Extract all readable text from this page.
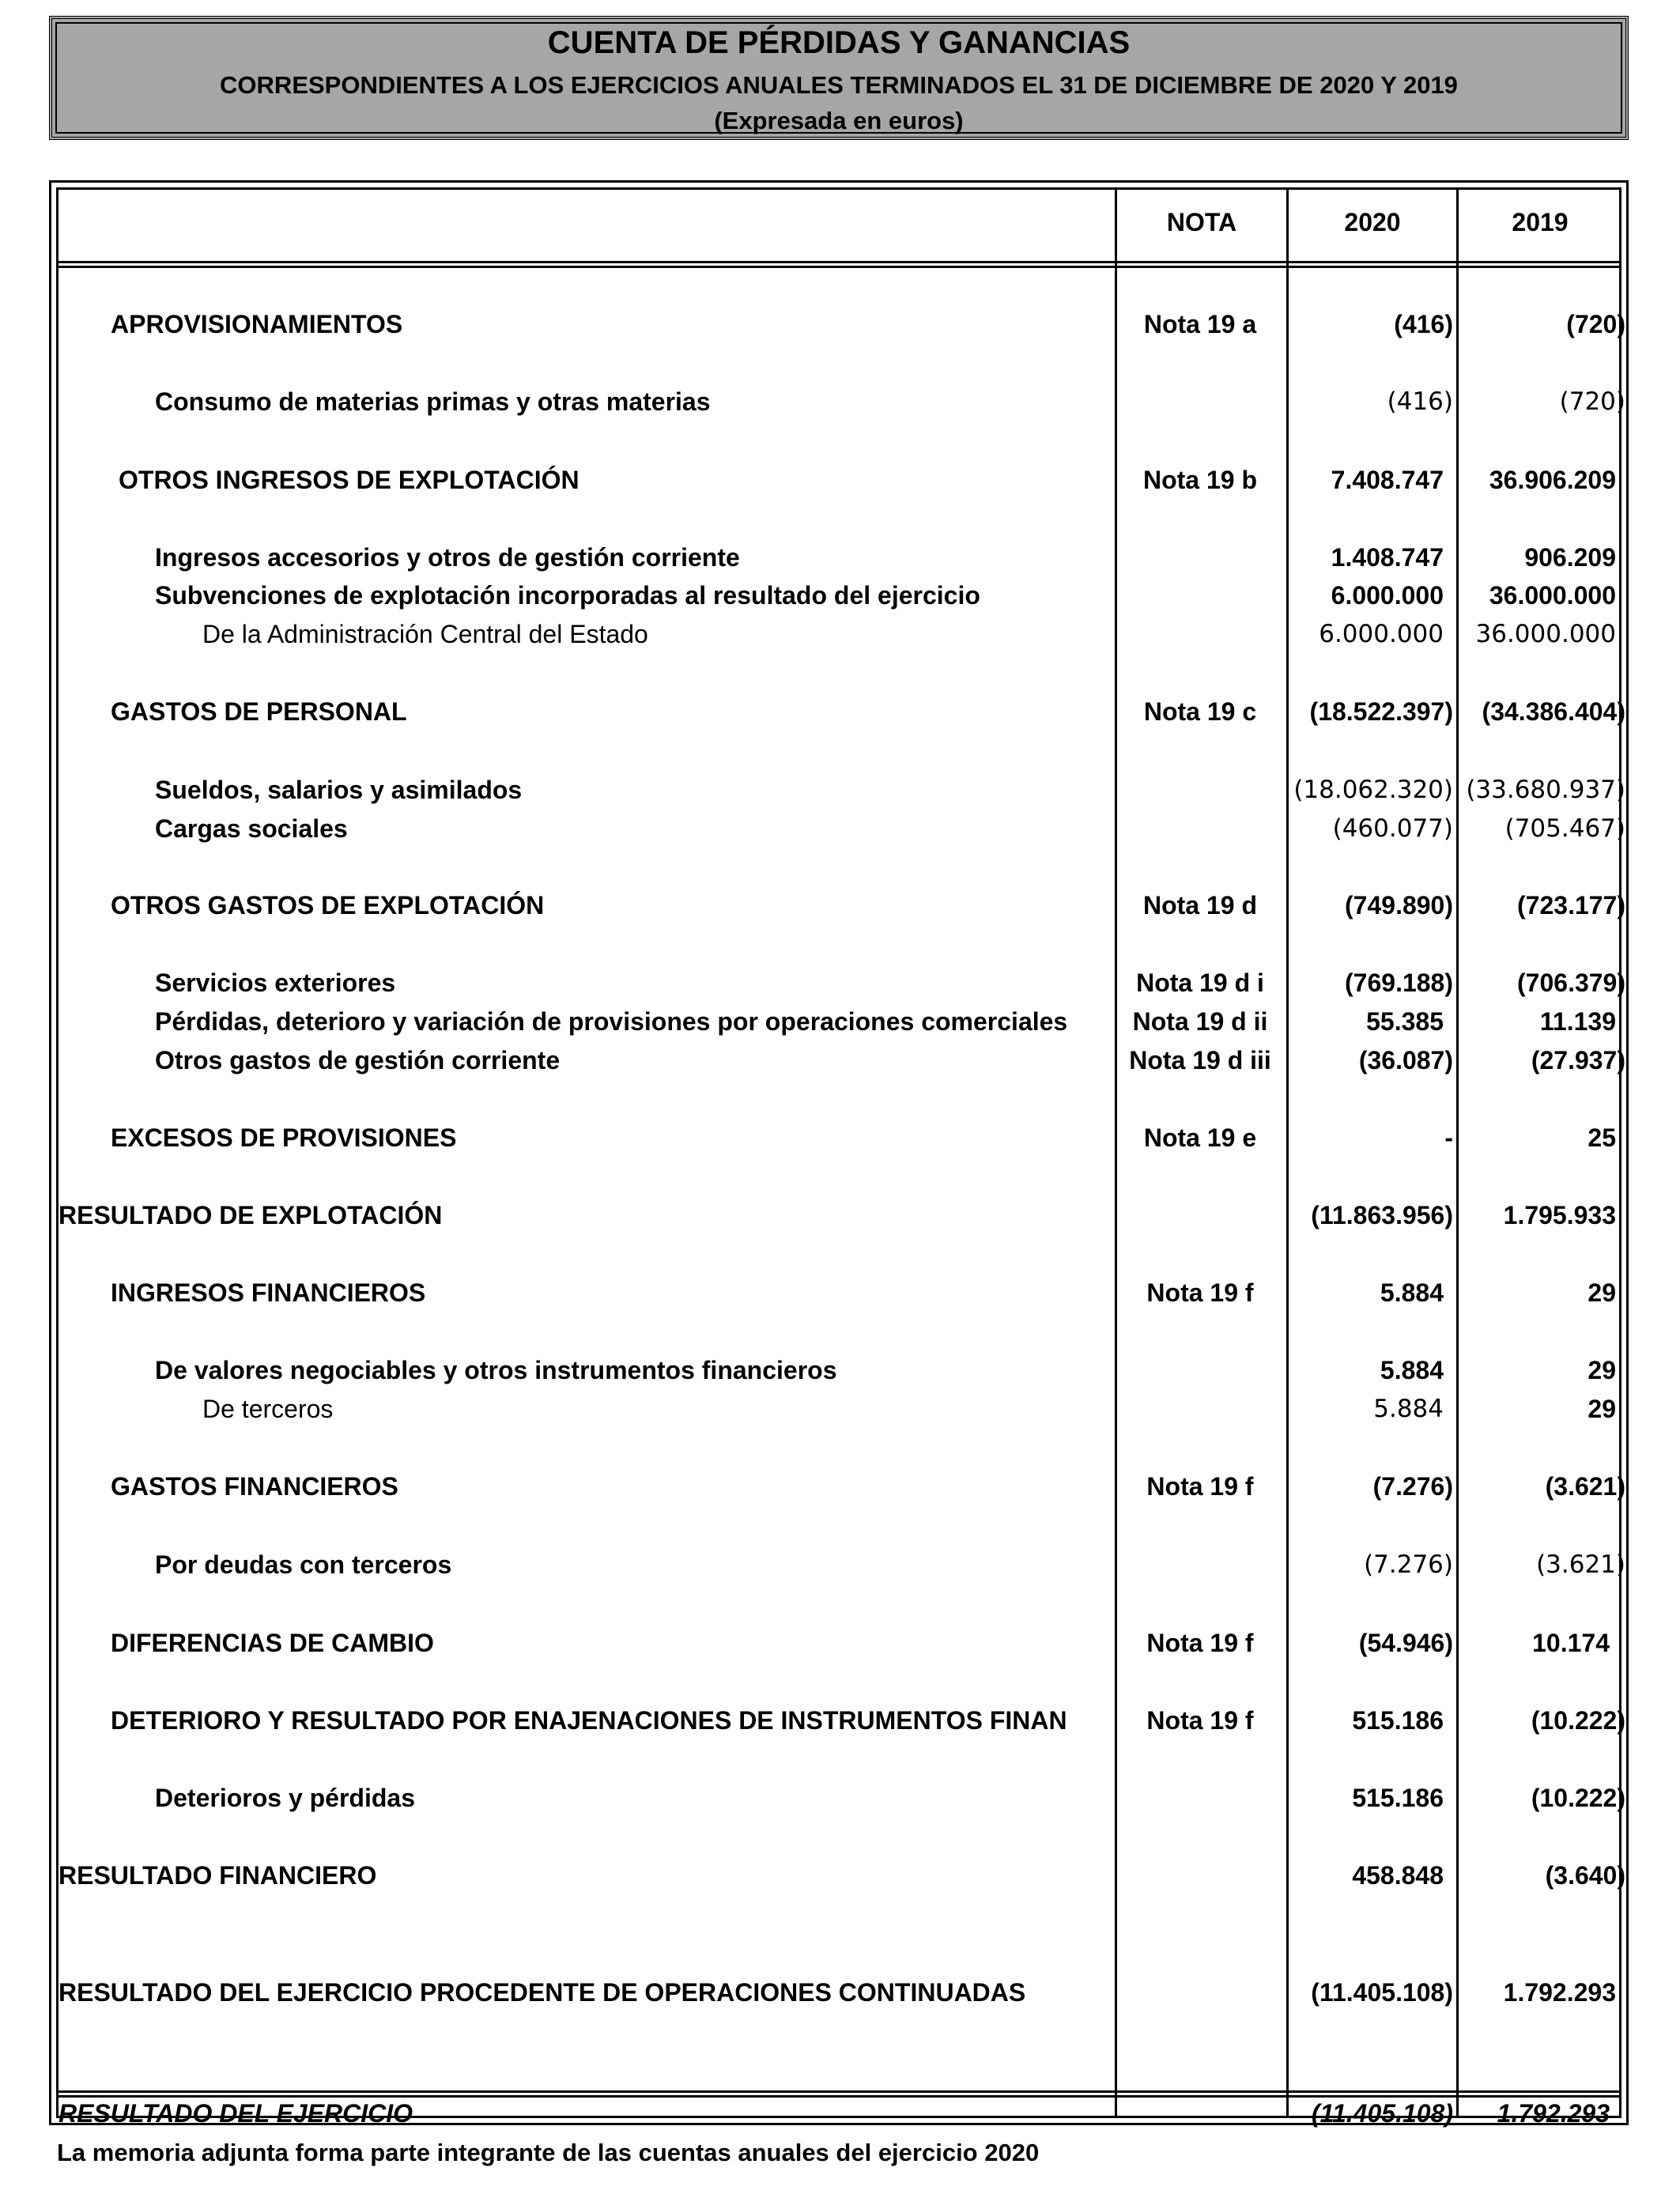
CUENTA DE PÉRDIDAS Y GANANCIAS
CORRESPONDIENTES A LOS EJERCICIOS ANUALES TERMINADOS EL 31 DE DICIEMBRE DE 2020 Y 2019
(Expresada en euros)
NOTA	2020	2019
APROVISIONAMIENTOS	Nota 19 a	(416)	(720)
Consumo de materias primas y otras materias	(416)	(720)
OTROS INGRESOS DE EXPLOTACIÓN	Nota 19 b	7.408.747	36.906.209
Ingresos accesorios y otros de gestión corriente	1.408.747	906.209
Subvenciones de explotación incorporadas al resultado del ejercicio	6.000.000	36.000.000
De la Administración Central del Estado	6.000.000	36.000.000
GASTOS DE PERSONAL	Nota 19 c	(18.522.397)	(34.386.404)
Sueldos, salarios y asimilados	(18.062.320) (33.680.937)
Cargas sociales	(460.077)	(705.467)
OTROS GASTOS DE EXPLOTACIÓN	Nota 19 d	(749.890)	(723.177)
Servicios exteriores	Nota 19 d i	(769.188)	(706.379)
Pérdidas, deterioro y variación de provisiones por operaciones comerciales	Nota 19 d ii	55.385	11.139
Otros gastos de gestión corriente	Nota 19 d iii	(36.087)	(27.937)
EXCESOS DE PROVISIONES	Nota 19 e	-	25
RESULTADO DE EXPLOTACIÓN	(11.863.956)	1.795.933
INGRESOS FINANCIEROS	Nota 19 f	5.884	29
De valores negociables y otros instrumentos financieros	5.884	29
De terceros	5.884	29
GASTOS FINANCIEROS	Nota 19 f	(7.276)	(3.621)
Por deudas con terceros	(7.276)	(3.621)
DIFERENCIAS DE CAMBIO	Nota 19 f	(54.946)	10.174
DETERIORO Y RESULTADO POR ENAJENACIONES DE INSTRUMENTOS FINAN	Nota 19 f	515.186	(10.222)
Deterioros y pérdidas	515.186	(10.222)
RESULTADO FINANCIERO	458.848	(3.640)
RESULTADO DEL EJERCICIO PROCEDENTE DE OPERACIONES CONTINUADAS	(11.405.108)	1.792.293
RESULTADO DEL EJERCICIO	(11.405.108)	1.792.293
La memoria adjunta forma parte integrante de las cuentas anuales del ejercicio 2020
